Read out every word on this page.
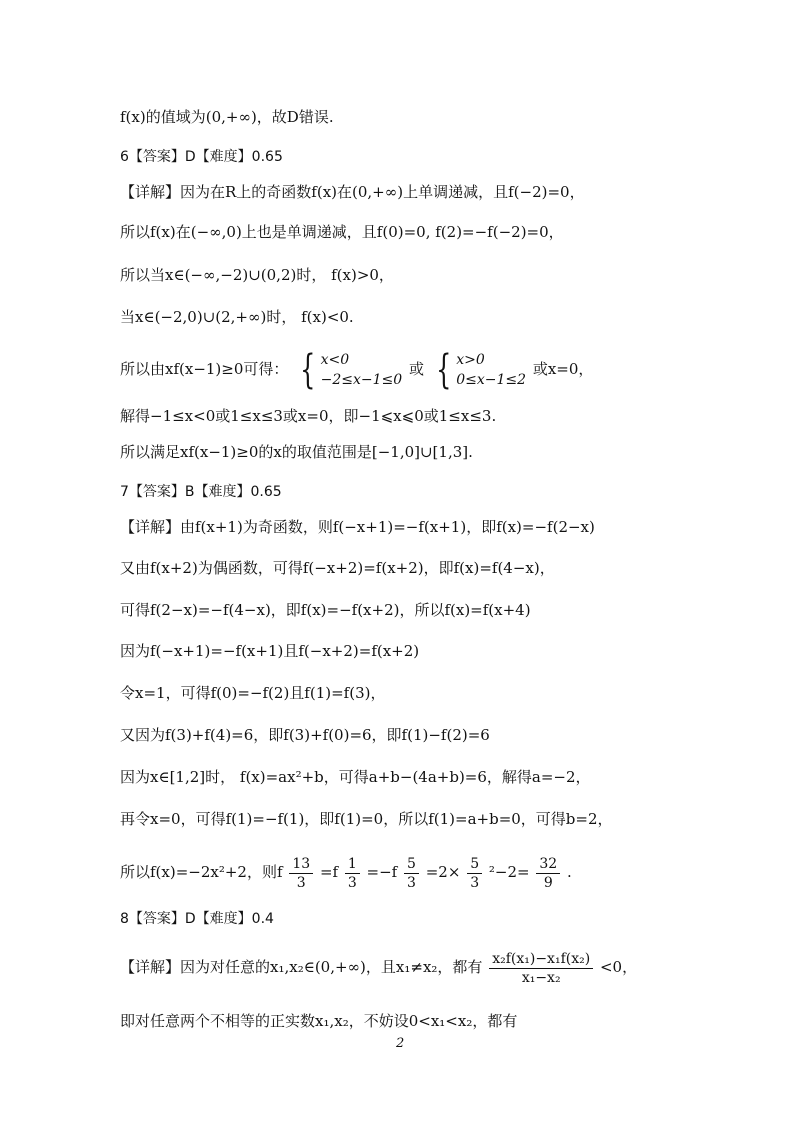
f(x)的值域为(0,+∞)，故D错误.
6【答案】D【难度】0.65
【详解】因为在R上的奇函数f(x)在(0,+∞)上单调递减，且f(−2)=0，
所以f(x)在(−∞,0)上也是单调递减，且f(0)=0, f(2)=−f(−2)=0，
所以当x∈(−∞,−2)∪(0,2)时， f(x)>0，
当x∈(−2,0)∪(2,+∞)时， f(x)<0.
所以由xf(x−1)≥0可得： { x<0
−2≤x−1≤0
或 { x>0
0≤x−1≤2
或x=0，
解得−1≤x<0或1≤x≤3或x=0，即−1⩽x⩽0或1≤x≤3.
所以满足xf(x−1)≥0的x的取值范围是[−1,0]∪[1,3].
7【答案】B【难度】0.65
【详解】由f(x+1)为奇函数，则f(−x+1)=−f(x+1)，即f(x)=−f(2−x)
又由f(x+2)为偶函数，可得f(−x+2)=f(x+2)，即f(x)=f(4−x)，
可得f(2−x)=−f(4−x)，即f(x)=−f(x+2)，所以f(x)=f(x+4)
因为f(−x+1)=−f(x+1)且f(−x+2)=f(x+2)
令x=1，可得f(0)=−f(2)且f(1)=f(3)，
又因为f(3)+f(4)=6，即f(3)+f(0)=6，即f(1)−f(2)=6
因为x∈[1,2]时， f(x)=ax²+b，可得a+b−(4a+b)=6，解得a=−2，
再令x=0，可得f(1)=−f(1)，即f(1)=0，所以f(1)=a+b=0，可得b=2，
所以f(x)=−2x²+2，则f $\frac{13}{3} =f \frac{1}{3} =-f \frac{5}{3} =2\times \frac{5}{3} ^2-2= \frac{32}{9}$ .
8【答案】D【难度】0.4
【详解】因为对任意的x₁,x₂∈(0,+∞)，且x₁≠x₂，都有 $\frac{\text{x₂f(x₁)−x₁f(x₂)}}{\text{x₁−x₂}} <0$，
即对任意两个不相等的正实数x₁,x₂，不妨设0<x₁<x₂，都有
2
